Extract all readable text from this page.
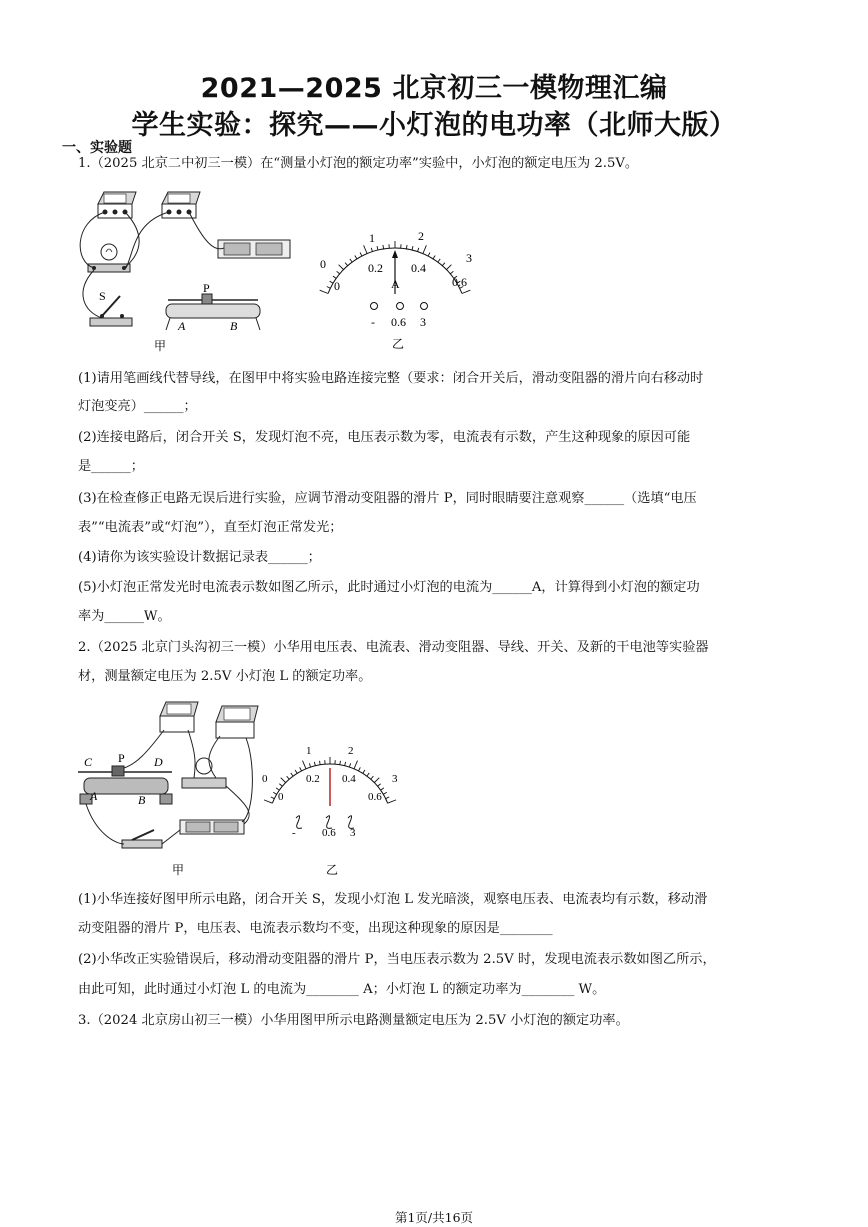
2021—2025 北京初三一模物理汇编
学生实验：探究——小灯泡的电功率（北师大版）
一、实验题
1.（2025 北京二中初三一模）在“测量小灯泡的额定功率”实验中，小灯泡的额定电压为 2.5V。
S
P
A	B
甲
0
1	2
3
0
0.2 0.4
0.6
A
- 0.6 3
乙
(1)请用笔画线代替导线，在图甲中将实验电路连接完整（要求：闭合开关后，滑动变阻器的滑片向右移动时
灯泡变亮）______；
(2)连接电路后，闭合开关 S，发现灯泡不亮，电压表示数为零，电流表有示数，产生这种现象的原因可能
是______；
(3)在检查修正电路无误后进行实验，应调节滑动变阻器的滑片 P，同时眼睛要注意观察______（选填“电压
表”“电流表”或“灯泡”），直至灯泡正常发光；
(4)请你为该实验设计数据记录表______；
(5)小灯泡正常发光时电流表示数如图乙所示，此时通过小灯泡的电流为______A，计算得到小灯泡的额定功
率为______W。
2.（2025 北京门头沟初三一模）小华用电压表、电流表、滑动变阻器、导线、开关、及新的干电池等实验器
材，测量额定电压为 2.5V 小灯泡 L 的额定功率。
C P D
A	B
甲
0
1	2
3
0
0.2 0.4
0.6
- 0.6 3
乙
(1)小华连接好图甲所示电路，闭合开关 S，发现小灯泡 L 发光暗淡，观察电压表、电流表均有示数，移动滑
动变阻器的滑片 P，电压表、电流表示数均不变，出现这种现象的原因是________
(2)小华改正实验错误后，移动滑动变阻器的滑片 P，当电压表示数为 2.5V 时，发现电流表示数如图乙所示，
由此可知，此时通过小灯泡 L 的电流为________ A；小灯泡 L 的额定功率为________ W。
3.（2024 北京房山初三一模）小华用图甲所示电路测量额定电压为 2.5V 小灯泡的额定功率。
第1页/共16页
